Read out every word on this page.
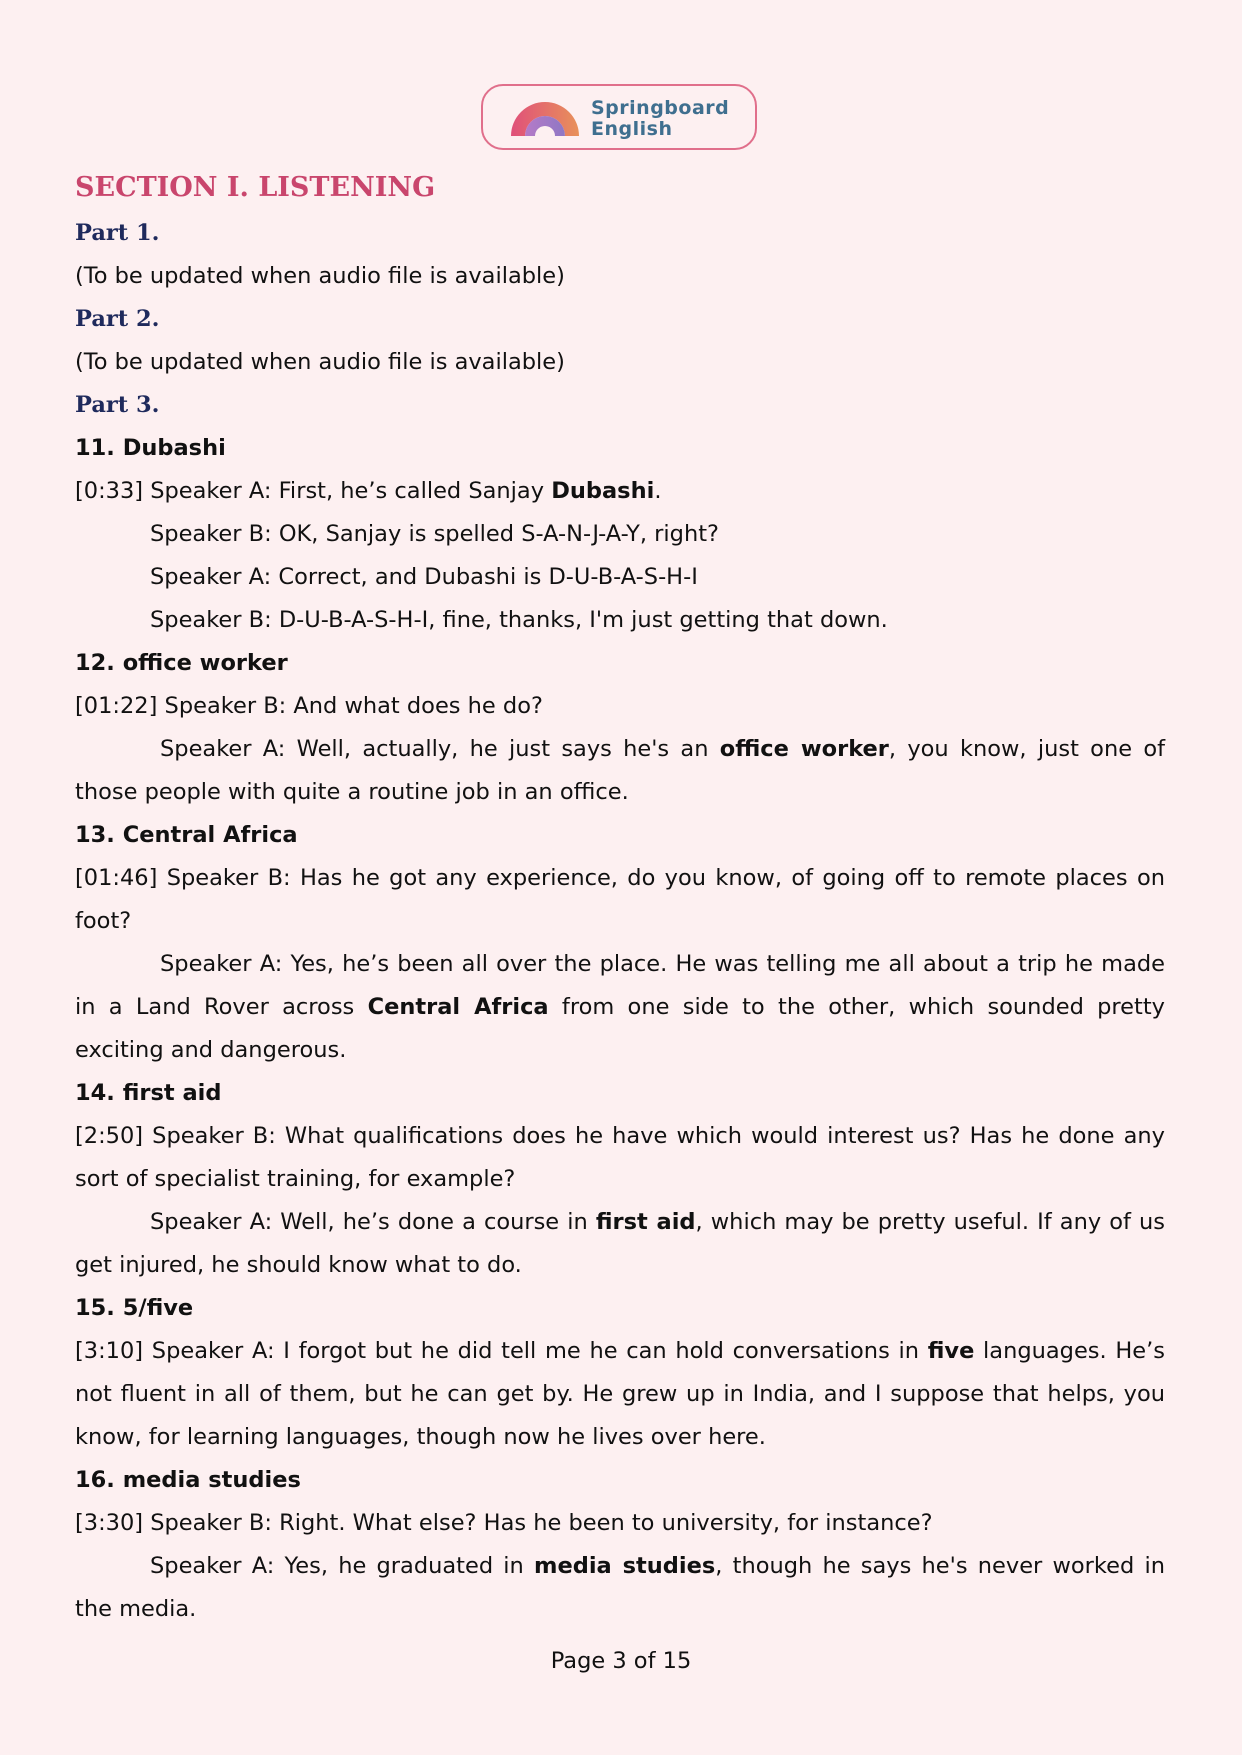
Springboard
English
SECTION I. LISTENING
Part 1.
(To be updated when audio file is available)
Part 2.
(To be updated when audio file is available)
Part 3.
11. Dubashi
[0:33] Speaker A: First, he’s called Sanjay Dubashi.
Speaker B: OK, Sanjay is spelled S-A-N-J-A-Y, right?
Speaker A: Correct, and Dubashi is D-U-B-A-S-H-I
Speaker B: D-U-B-A-S-H-I, fine, thanks, I'm just getting that down.
12. office worker
[01:22] Speaker B: And what does he do?
Speaker A: Well, actually, he just says he's an office worker, you know, just one of those people with quite a routine job in an office.
13. Central Africa
[01:46] Speaker B: Has he got any experience, do you know, of going off to remote places on foot?
Speaker A: Yes, he’s been all over the place. He was telling me all about a trip he made in a Land Rover across Central Africa from one side to the other, which sounded pretty exciting and dangerous.
14. first aid
[2:50] Speaker B: What qualifications does he have which would interest us? Has he done any sort of specialist training, for example?
Speaker A: Well, he’s done a course in first aid, which may be pretty useful. If any of us get injured, he should know what to do.
15. 5/five
[3:10] Speaker A: I forgot but he did tell me he can hold conversations in five languages. He’s not fluent in all of them, but he can get by. He grew up in India, and I suppose that helps, you know, for learning languages, though now he lives over here.
16. media studies
[3:30] Speaker B: Right. What else? Has he been to university, for instance?
Speaker A: Yes, he graduated in media studies, though he says he's never worked in the media.
Page 3 of 15
